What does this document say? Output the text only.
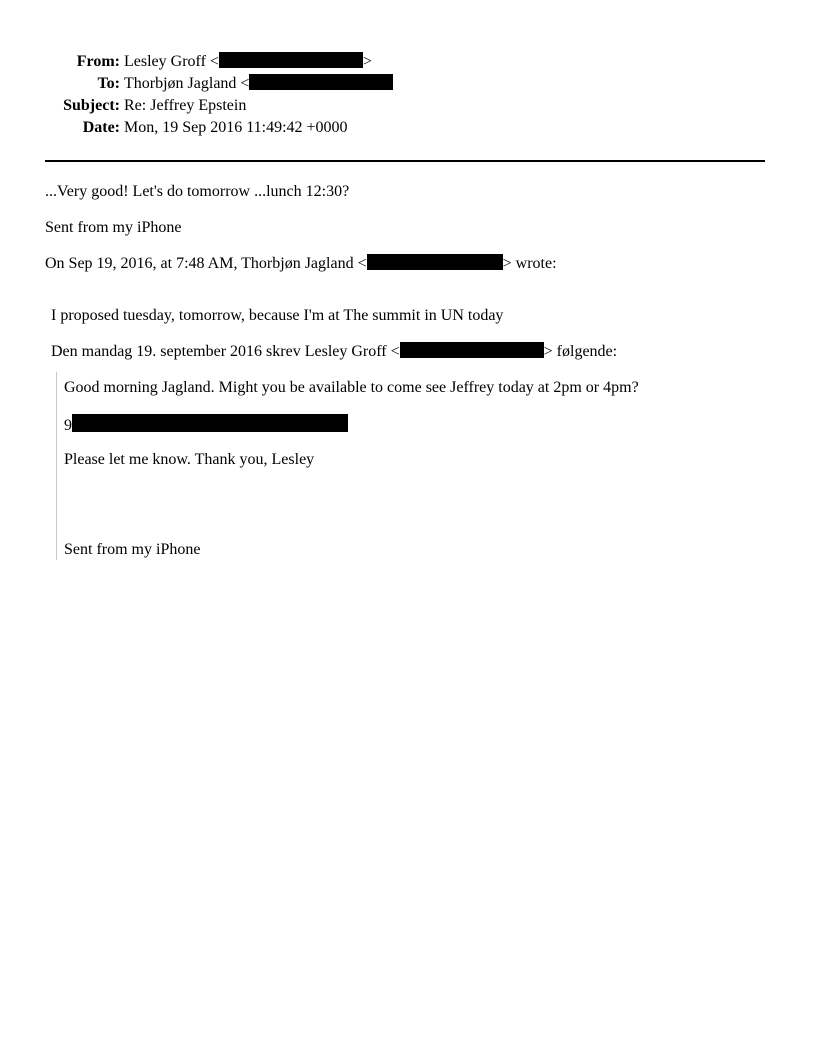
From: Lesley Groff <	>
To: Thorbjøn Jagland <
Subject: Re: Jeffrey Epstein
Date: Mon, 19 Sep 2016 11:49:42 +0000
...Very good! Let's do tomorrow ...lunch 12:30?
Sent from my iPhone
On Sep 19, 2016, at 7:48 AM, Thorbjøn Jagland <	> wrote:
I proposed tuesday, tomorrow, because I'm at The summit in UN today
Den mandag 19. september 2016 skrev Lesley Groff <	> følgende:
Good morning Jagland. Might you be available to come see Jeffrey today at 2pm or 4pm?
9
Please let me know. Thank you, Lesley
Sent from my iPhone
